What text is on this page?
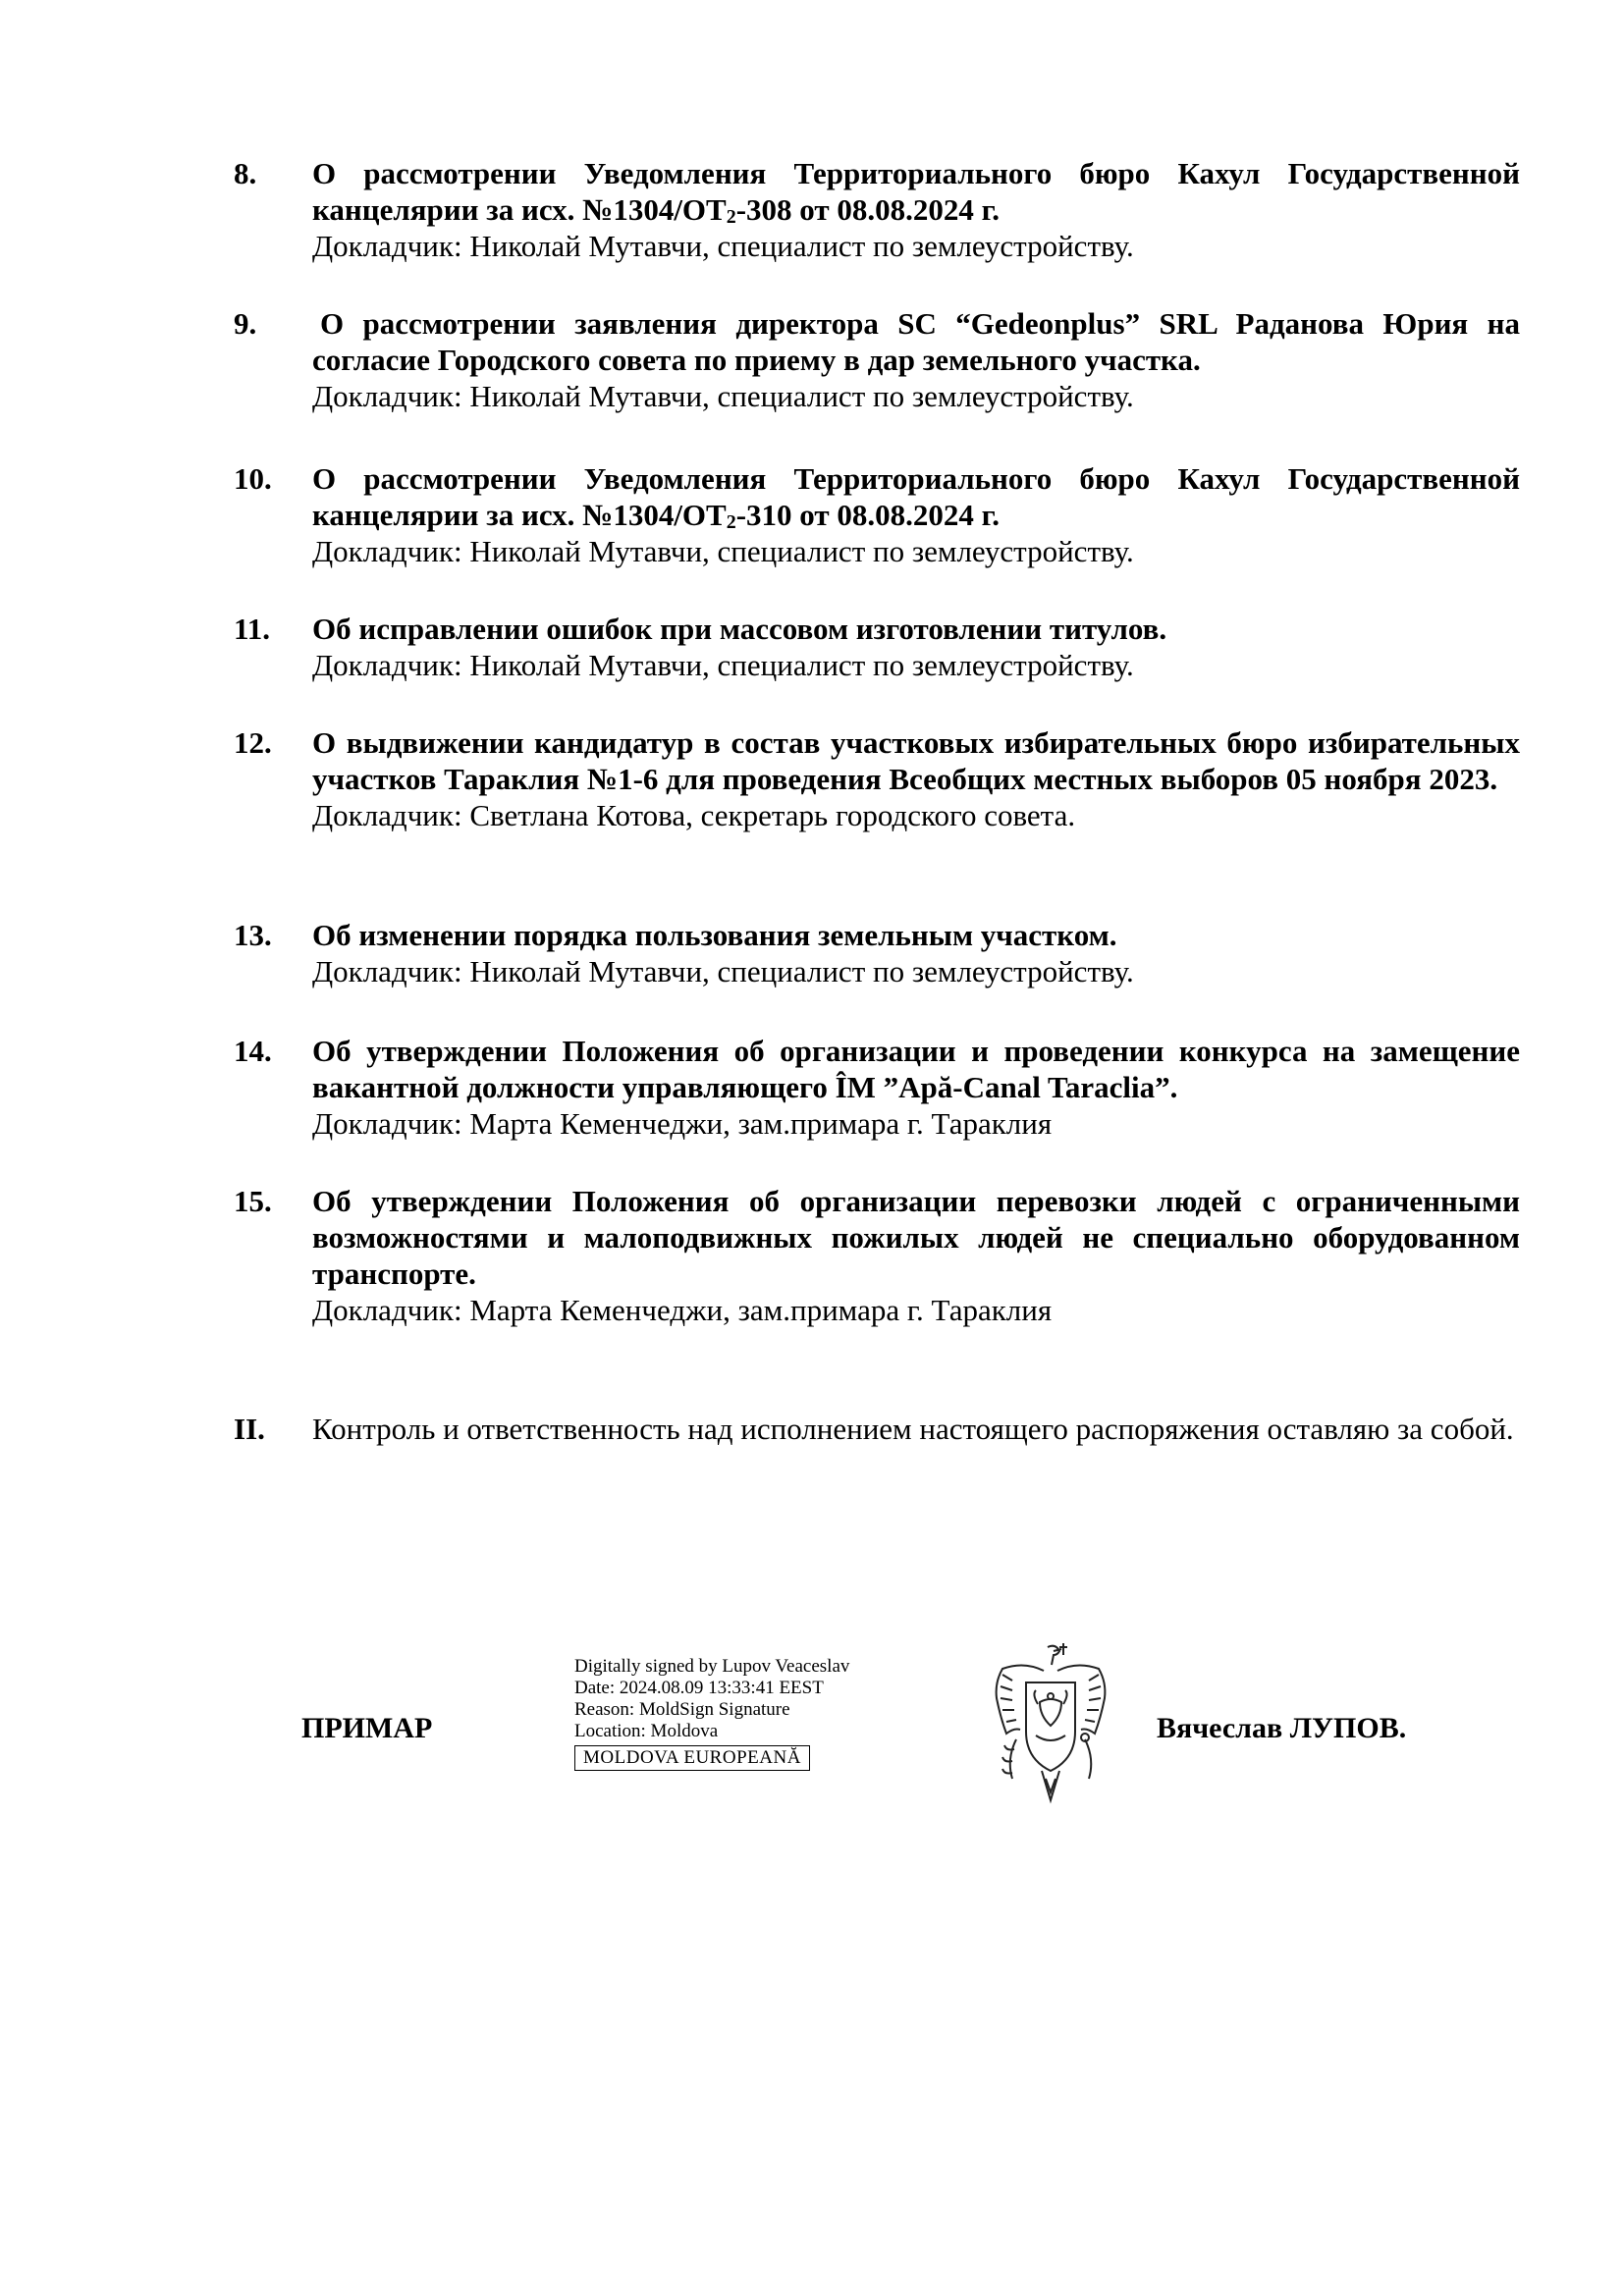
8. О рассмотрении Уведомления Территориального бюро Кахул Государственной канцелярии за исх. $№1304/OT_2-308$ от 08.08.2024 г.
Докладчик: Николай Мутавчи, специалист по землеустройству.
9. О рассмотрении заявления директора SC “Gedeonplus” SRL Раданова Юрия на согласие Городского совета по приему в дар земельного участка.
Докладчик: Николай Мутавчи, специалист по землеустройству.
10. О рассмотрении Уведомления Территориального бюро Кахул Государственной канцелярии за исх. $№1304/OT_2-310$ от 08.08.2024 г.
Докладчик: Николай Мутавчи, специалист по землеустройству.
11. Об исправлении ошибок при массовом изготовлении титулов.
Докладчик: Николай Мутавчи, специалист по землеустройству.
12. О выдвижении кандидатур в состав участковых избирательных бюро избирательных участков Тараклия №1-6 для проведения Всеобщих местных выборов 05 ноября 2023.
Докладчик: Светлана Котова, секретарь городского совета.
13. Об изменении порядка пользования земельным участком.
Докладчик: Николай Мутавчи, специалист по землеустройству.
14. Об утверждении Положения об организации и проведении конкурса на замещение вакантной должности управляющего ÎM ”Apă-Canal Taraclia”.
Докладчик: Марта Кеменчеджи, зам.примара г. Тараклия
15. Об утверждении Положения об организации перевозки людей с ограниченными возможностями и малоподвижных пожилых людей не специально оборудованном транспорте.
Докладчик: Марта Кеменчеджи, зам.примара г. Тараклия
II. Контроль и ответственность над исполнением настоящего распоряжения оставляю за собой.
ПРИМАР
Digitally signed by Lupov Veaceslav
Date: 2024.08.09 13:33:41 EEST
Reason: MoldSign Signature
Location: Moldova
MOLDOVA EUROPEANĂ
Вячеслав ЛУПОВ.
